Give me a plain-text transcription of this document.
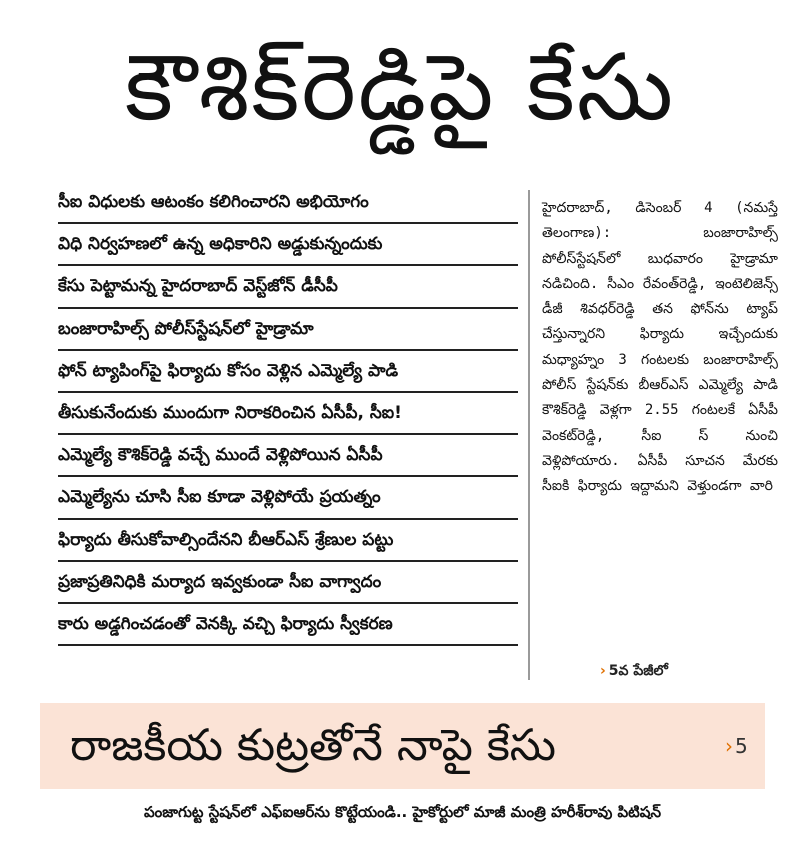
కౌశిక్‌రెడ్డిపై కేసు
సీఐ విధులకు ఆటంకం కలిగించారని అభియోగం
విధి నిర్వహణలో ఉన్న అధికారిని అడ్డుకున్నందుకు
కేసు పెట్టామన్న హైదరాబాద్‌ వెస్ట్‌జోన్‌ డీసీపీ
బంజారాహిల్స్‌ పోలీస్‌స్టేషన్‌లో హైడ్రామా
ఫోన్‌ ట్యాపింగ్‌పై ఫిర్యాదు కోసం వెళ్లిన ఎమ్మెల్యే పాడి
తీసుకునేందుకు ముందుగా నిరాకరించిన ఏసీపీ, సీఐ!
ఎమ్మెల్యే కౌశిక్‌రెడ్డి వచ్చే ముందే వెళ్లిపోయిన ఏసీపీ
ఎమ్మెల్యేను చూసి సీఐ కూడా వెళ్లిపోయే ప్రయత్నం
ఫిర్యాదు తీసుకోవాల్సిందేనని బీఆర్‌ఎస్‌ శ్రేణుల పట్టు
ప్రజాప్రతినిధికి మర్యాద ఇవ్వకుండా సీఐ వాగ్వాదం
కారు అడ్డగించడంతో వెనక్కి వచ్చి ఫిర్యాదు స్వీకరణ

హైదరాబాద్‌, డిసెంబర్‌ 4 (నమస్తే తెలంగాణ): బంజారాహిల్స్‌ పోలీస్‌స్టేషన్‌లో బుధవారం హైడ్రామా నడిచింది. సీఎం రేవంత్‌రెడ్డి, ఇంటెలిజెన్స్‌ డీజీ శివధర్‌రెడ్డి తన ఫోన్‌ను ట్యాప్‌ చేస్తున్నారని ఫిర్యాదు ఇచ్చేందుకు మధ్యాహ్నం 3 గంటలకు బంజారాహిల్స్‌ పోలీస్‌ స్టేషన్‌కు బీఆర్‌ఎస్‌ ఎమ్మెల్యే పాడి కౌశిక్‌రెడ్డి వెళ్లగా 2.55 గంటలకే ఏసీపీ వెంకట్‌రెడ్డి, సీఐ స్‌ నుంచి వెళ్లిపోయారు. ఏసీపీ సూచన మేరకు సీఐకి ఫిర్యాదు ఇద్దామని వెళ్తుండగా వారి

› 5వ పేజీలో
రాజకీయ కుట్రతోనే నాపై కేసు	› 5
పంజాగుట్ట స్టేషన్‌లో ఎఫ్‌ఐఆర్‌ను కొట్టేయండి.. హైకోర్టులో మాజీ మంత్రి హరీశ్‌రావు పిటిషన్‌
